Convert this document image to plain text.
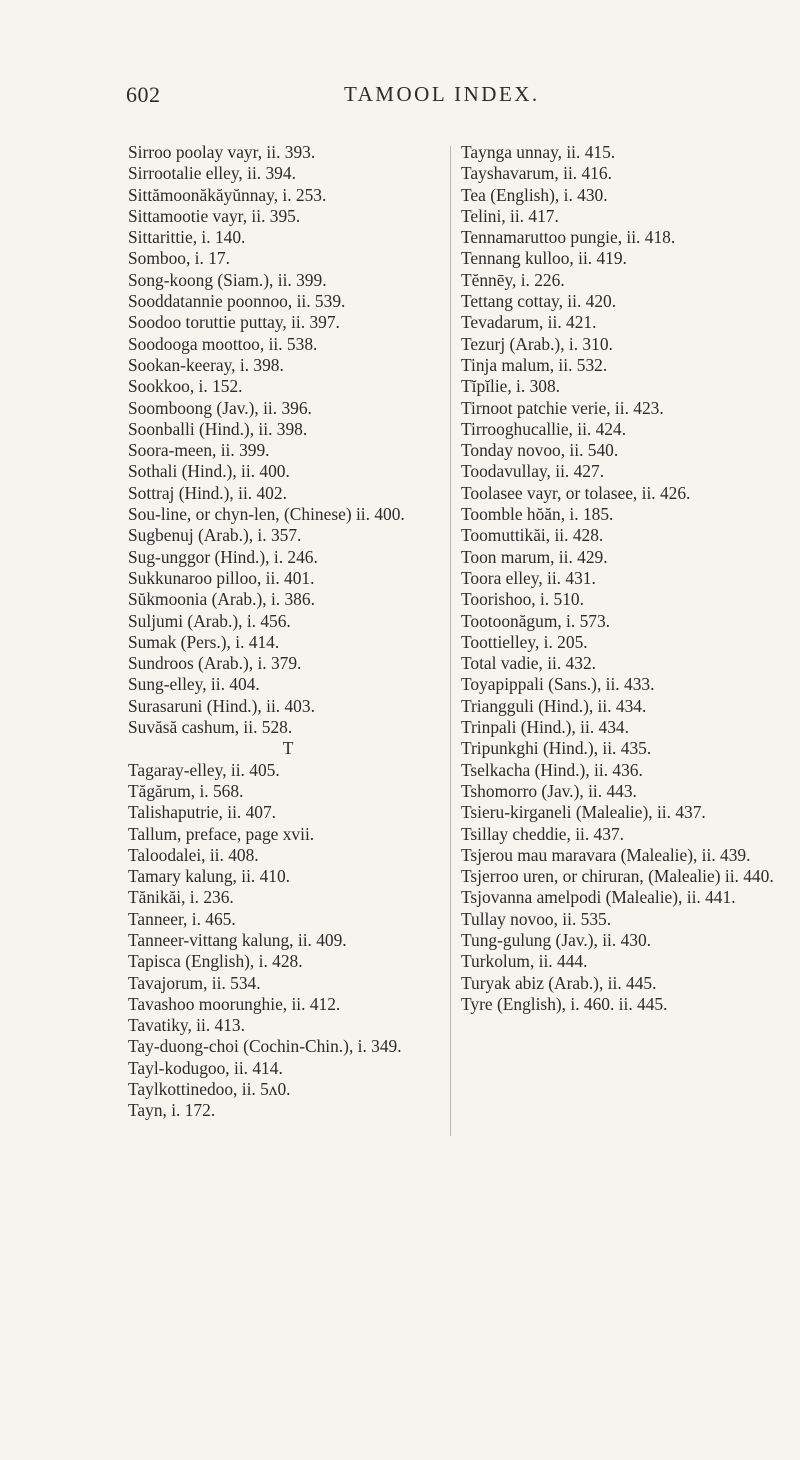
602	TAMOOL INDEX.

Sirroo poolay vayr, ii. 393.

Sirrootalie elley, ii. 394.

Sittămoonăkăyŭnnay, i. 253.

Sittamootie vayr, ii. 395.

Sittarittie, i. 140.

Somboo, i. 17.

Song-koong (Siam.), ii. 399.

Sooddatannie poonnoo, ii. 539.

Soodoo toruttie puttay, ii. 397.

Soodooga moottoo, ii. 538.

Sookan-keeray, i. 398.

Sookkoo, i. 152.

Soomboong (Jav.), ii. 396.

Soonballi (Hind.), ii. 398.

Soora-meen, ii. 399.

Sothali (Hind.), ii. 400.

Sottraj (Hind.), ii. 402.

Sou-line, or chyn-len, (Chinese) ii. 400.

Sugbenuj (Arab.), i. 357.

Sug-unggor (Hind.), i. 246.

Sukkunaroo pilloo, ii. 401.

Sŭkmoonia (Arab.), i. 386.

Suljumi (Arab.), i. 456.

Sumak (Pers.), i. 414.

Sundroos (Arab.), i. 379.

Sung-elley, ii. 404.

Surasaruni (Hind.), ii. 403.

Suvăsă cashum, ii. 528.

T

Tagaray-elley, ii. 405.

Tăgărum, i. 568.

Talishaputrie, ii. 407.

Tallum, preface, page xvii.

Taloodalei, ii. 408.

Tamary kalung, ii. 410.

Tănikăi, i. 236.

Tanneer, i. 465.

Tanneer-vittang kalung, ii. 409.

Tapisca (English), i. 428.

Tavajorum, ii. 534.

Tavashoo moorunghie, ii. 412.

Tavatiky, ii. 413.

Tay-duong-choi (Cochin-Chin.), i. 349.

Tayl-kodugoo, ii. 414.

Taylkottinedoo, ii. 5ʌ0.

Tayn, i. 172.

Taynga unnay, ii. 415.

Tayshavarum, ii. 416.

Tea (English), i. 430.

Telini, ii. 417.

Tennamaruttoo pungie, ii. 418.

Tennang kulloo, ii. 419.

Tĕnnēy, i. 226.

Tettang cottay, ii. 420.

Tevadarum, ii. 421.

Tezurj (Arab.), i. 310.

Tinja malum, ii. 532.

Tĭpĭlie, i. 308.

Tirnoot patchie verie, ii. 423.

Tirrooghucallie, ii. 424.

Tonday novoo, ii. 540.

Toodavullay, ii. 427.

Toolasee vayr, or tolasee, ii. 426.

Toomble hŏăn, i. 185.

Toomuttikăi, ii. 428.

Toon marum, ii. 429.

Toora elley, ii. 431.

Toorishoo, i. 510.

Tootoonăgum, i. 573.

Toottielley, i. 205.

Total vadie, ii. 432.

Toyapippali (Sans.), ii. 433.

Triangguli (Hind.), ii. 434.

Trinpali (Hind.), ii. 434.

Tripunkghi (Hind.), ii. 435.

Tselkacha (Hind.), ii. 436.

Tshomorro (Jav.), ii. 443.

Tsieru-kirganeli (Malealie), ii. 437.

Tsillay cheddie, ii. 437.

Tsjerou mau maravara (Malealie), ii. 439.

Tsjerroo uren, or chiruran, (Malealie) ii. 440.

Tsjovanna amelpodi (Malealie), ii. 441.

Tullay novoo, ii. 535.

Tung-gulung (Jav.), ii. 430.

Turkolum, ii. 444.

Turyak abiz (Arab.), ii. 445.

Tyre (English), i. 460. ii. 445.
